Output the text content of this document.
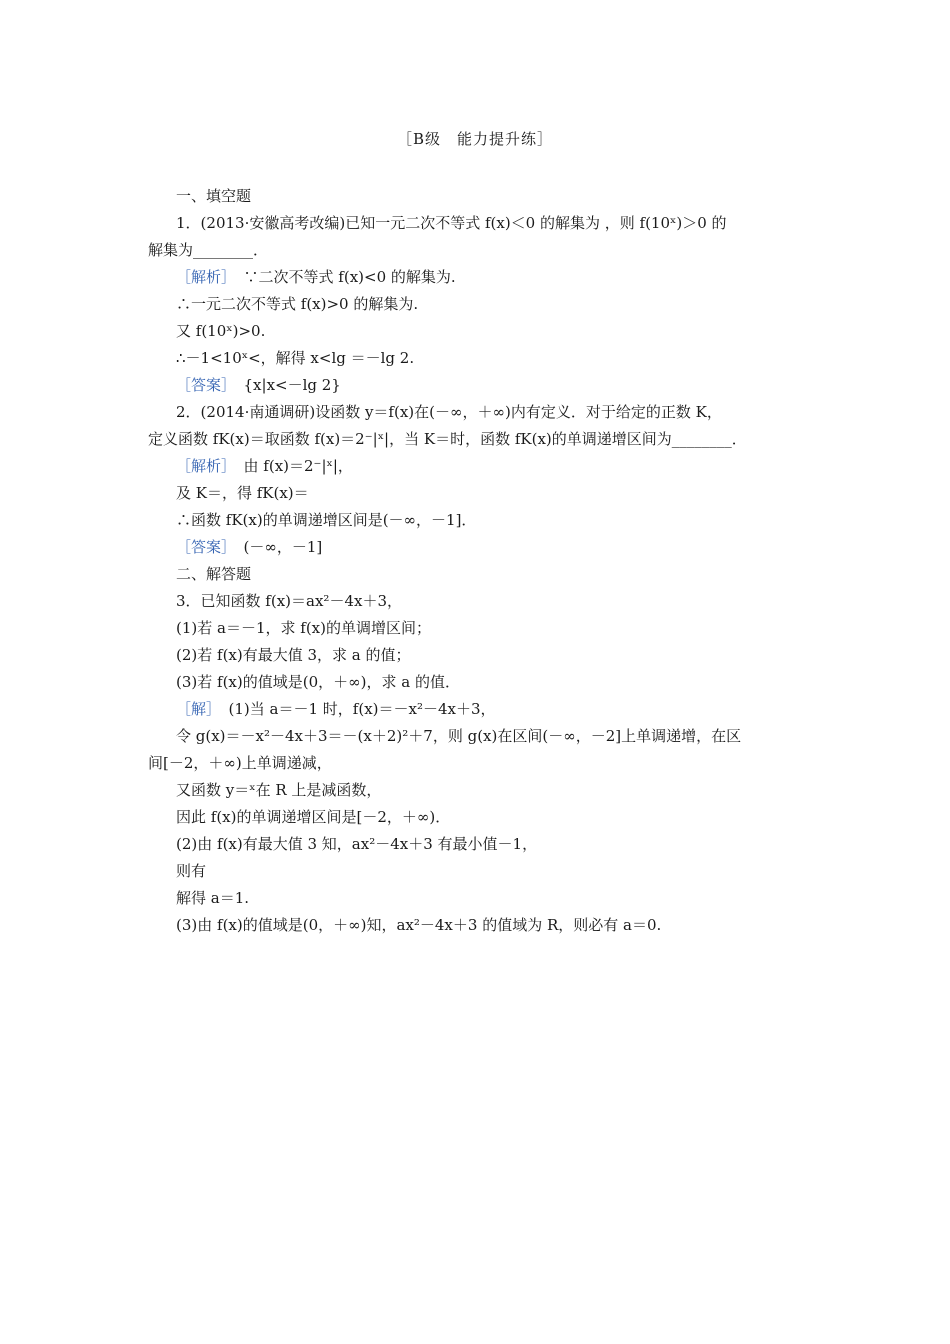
［B级　能力提升练］
一、填空题
1．(2013·安徽高考改编)已知一元二次不等式 f(x)＜0 的解集为 ，则 f(10ˣ)＞0 的
解集为________．
［解析］　∵二次不等式 f(x)<0 的解集为.
∴一元二次不等式 f(x)>0 的解集为.
又 f(10ˣ)>0.
∴－1<10ˣ<，解得 x<lg ＝－lg 2.
［答案］　{x|x<－lg 2}
2．(2014·南通调研)设函数 y＝f(x)在(－∞，＋∞)内有定义．对于给定的正数 K，
定义函数 fK(x)＝取函数 f(x)＝2⁻|ˣ|，当 K＝时，函数 fK(x)的单调递增区间为________．
［解析］　由 f(x)＝2⁻|ˣ|，
及 K＝，得 fK(x)＝
∴函数 fK(x)的单调递增区间是(－∞，－1]．
［答案］　(－∞，－1]
二、解答题
3．已知函数 f(x)＝ax²－4x＋3，
(1)若 a＝－1，求 f(x)的单调增区间；
(2)若 f(x)有最大值 3，求 a 的值；
(3)若 f(x)的值域是(0，＋∞)，求 a 的值．
［解］　(1)当 a＝－1 时，f(x)＝－x²－4x＋3，
令 g(x)＝－x²－4x＋3＝－(x＋2)²＋7，则 g(x)在区间(－∞，－2]上单调递增，在区
间[－2，＋∞)上单调递减，
又函数 y＝ˣ在 R 上是减函数，
因此 f(x)的单调递增区间是[－2，＋∞)．
(2)由 f(x)有最大值 3 知，ax²－4x＋3 有最小值－1，
则有
解得 a＝1.
(3)由 f(x)的值域是(0，＋∞)知，ax²－4x＋3 的值域为 R，则必有 a＝0.
